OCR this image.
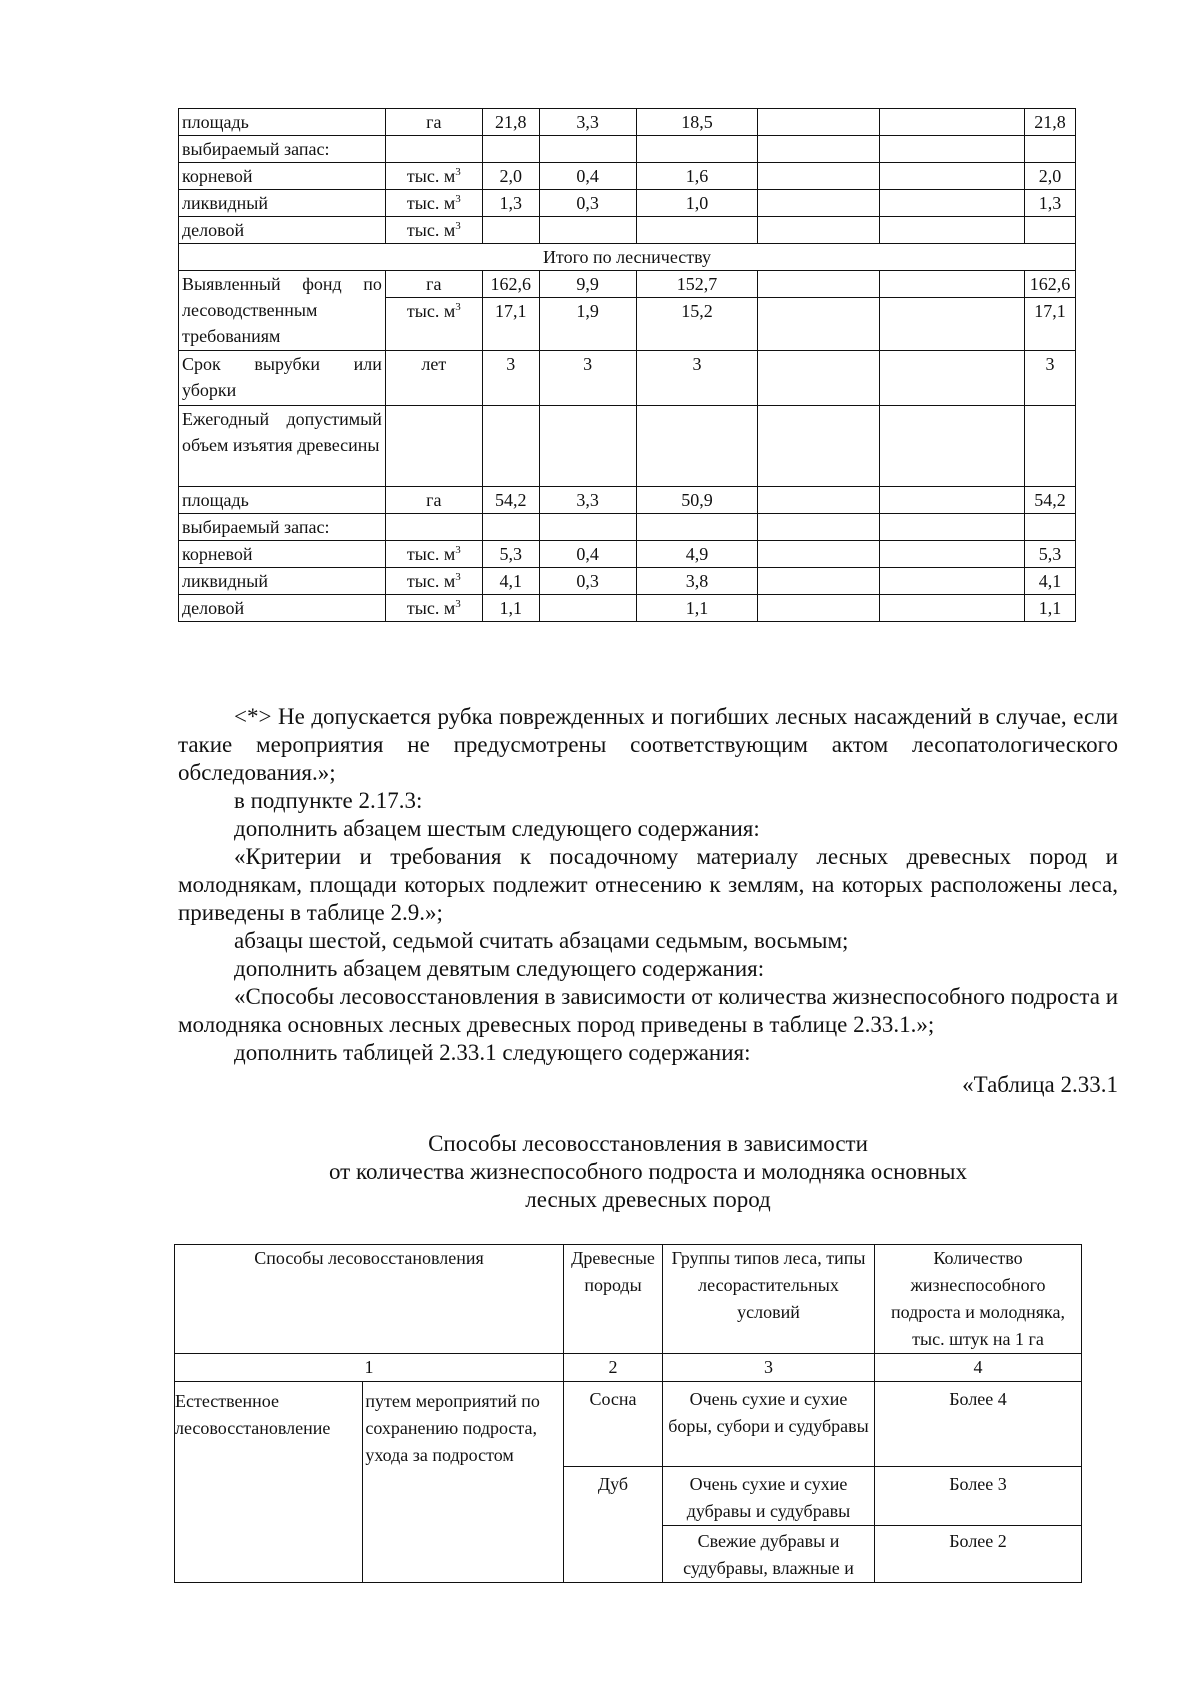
площадь	га	21,8	3,3	18,5			21,8
выбираемый запас:							
корневой	тыс. $м^3$	2,0	0,4	1,6			2,0
ликвидный	тыс. $м^3$	1,3	0,3	1,0			1,3
деловой	тыс. $м^3$						
Итого по лесничеству							
Выявленный фонд по лесоводственным требованиям	га	162,6	9,9	152,7			162,6
	тыс. $м^3$	17,1	1,9	15,2			17,1
Срок вырубки или уборки	лет	3	3	3			3
Ежегодный допустимый объем изъятия древесины							
площадь	га	54,2	3,3	50,9			54,2
выбираемый запас:							
корневой	тыс. $м^3$	5,3	0,4	4,9			5,3
ликвидный	тыс. $м^3$	4,1	0,3	3,8			4,1
деловой	тыс. $м^3$	1,1		1,1			1,1
<*> Не допускается рубка поврежденных и погибших лесных насаждений в случае, если такие мероприятия не предусмотрены соответствующим актом лесопатологического обследования.»;
в подпункте 2.17.3:
дополнить абзацем шестым следующего содержания:
«Критерии и требования к посадочному материалу лесных древесных пород и молоднякам, площади которых подлежит отнесению к землям, на которых расположены леса, приведены в таблице 2.9.»;
абзацы шестой, седьмой считать абзацами седьмым, восьмым;
дополнить абзацем девятым следующего содержания:
«Способы лесовосстановления в зависимости от количества жизнеспособного подроста и молодняка основных лесных древесных пород приведены в таблице 2.33.1.»;
дополнить таблицей 2.33.1 следующего содержания:
«Таблица 2.33.1
Способы лесовосстановления в зависимости
от количества жизнеспособного подроста и молодняка основных
лесных древесных пород
Способы лесовосстановления		Древесные породы	Группы типов леса, типы лесорастительных условий	Количество жизнеспособного подроста и молодняка, тыс. штук на 1 га
1		2	3	4
Естественное лесовосстановление	путем мероприятий по сохранению подроста, ухода за подростом	Сосна	Очень сухие и сухие боры, субори и судубравы	Более 4
		Дуб	Очень сухие и сухие дубравы и судубравы	Более 3
			Свежие дубравы и судубравы, влажные и	Более 2
